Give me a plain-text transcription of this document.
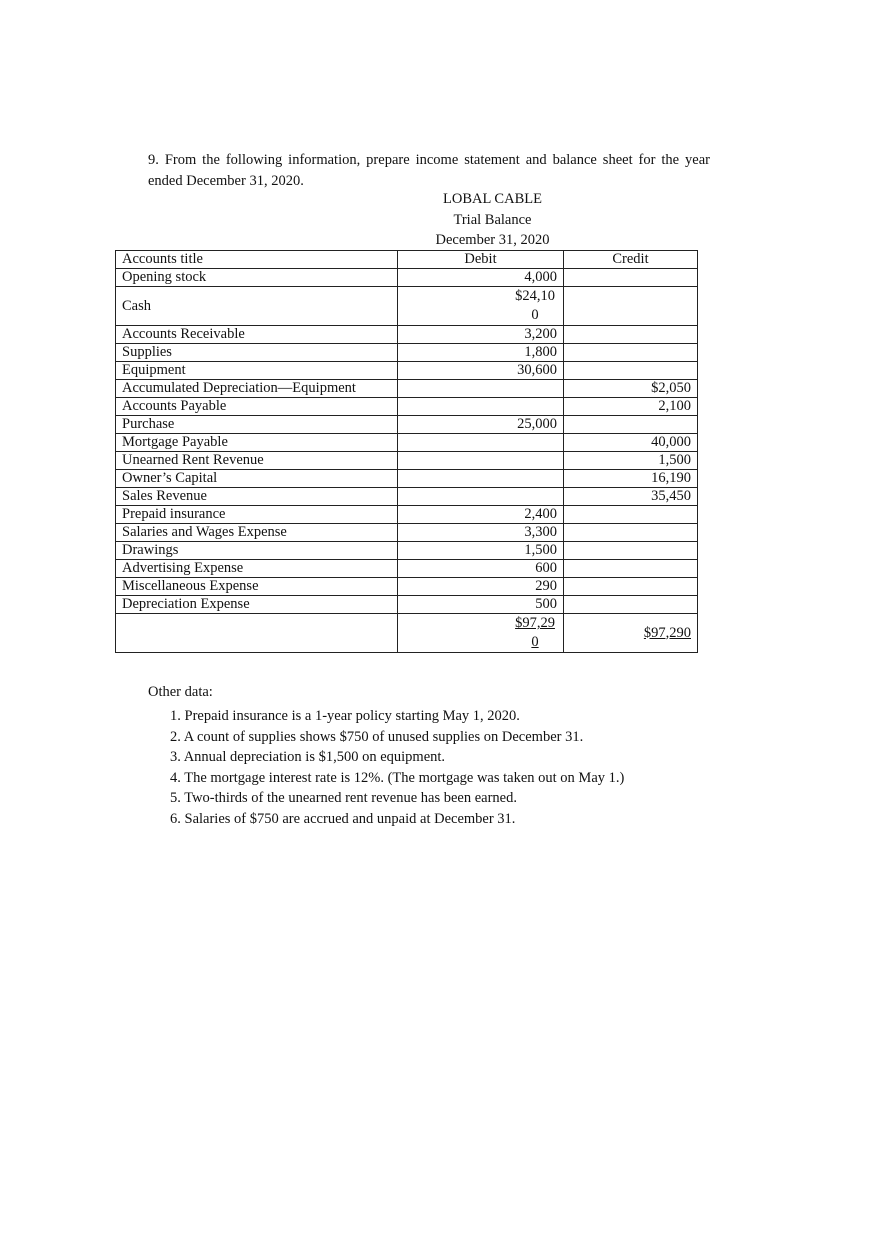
9. From the following information, prepare income statement and balance sheet for the year ended December 31, 2020.
LOBAL CABLE
Trial Balance
December 31, 2020
Accounts title	Debit	Credit
Opening stock	4,000	
Cash	$24,100	
Accounts Receivable	3,200	
Supplies	1,800	
Equipment	30,600	
Accumulated Depreciation—Equipment		$2,050
Accounts Payable		2,100
Purchase	25,000	
Mortgage Payable		40,000
Unearned Rent Revenue		1,500
Owner’s Capital		16,190
Sales Revenue		35,450
Prepaid insurance	2,400	
Salaries and Wages Expense	3,300	
Drawings	1,500	
Advertising Expense	600	
Miscellaneous Expense	290	
Depreciation Expense	500	
	$97,290	$97,290
Other data:
1. Prepaid insurance is a 1-year policy starting May 1, 2020.
2. A count of supplies shows $750 of unused supplies on December 31.
3. Annual depreciation is $1,500 on equipment.
4. The mortgage interest rate is 12%. (The mortgage was taken out on May 1.)
5. Two-thirds of the unearned rent revenue has been earned.
6. Salaries of $750 are accrued and unpaid at December 31.
